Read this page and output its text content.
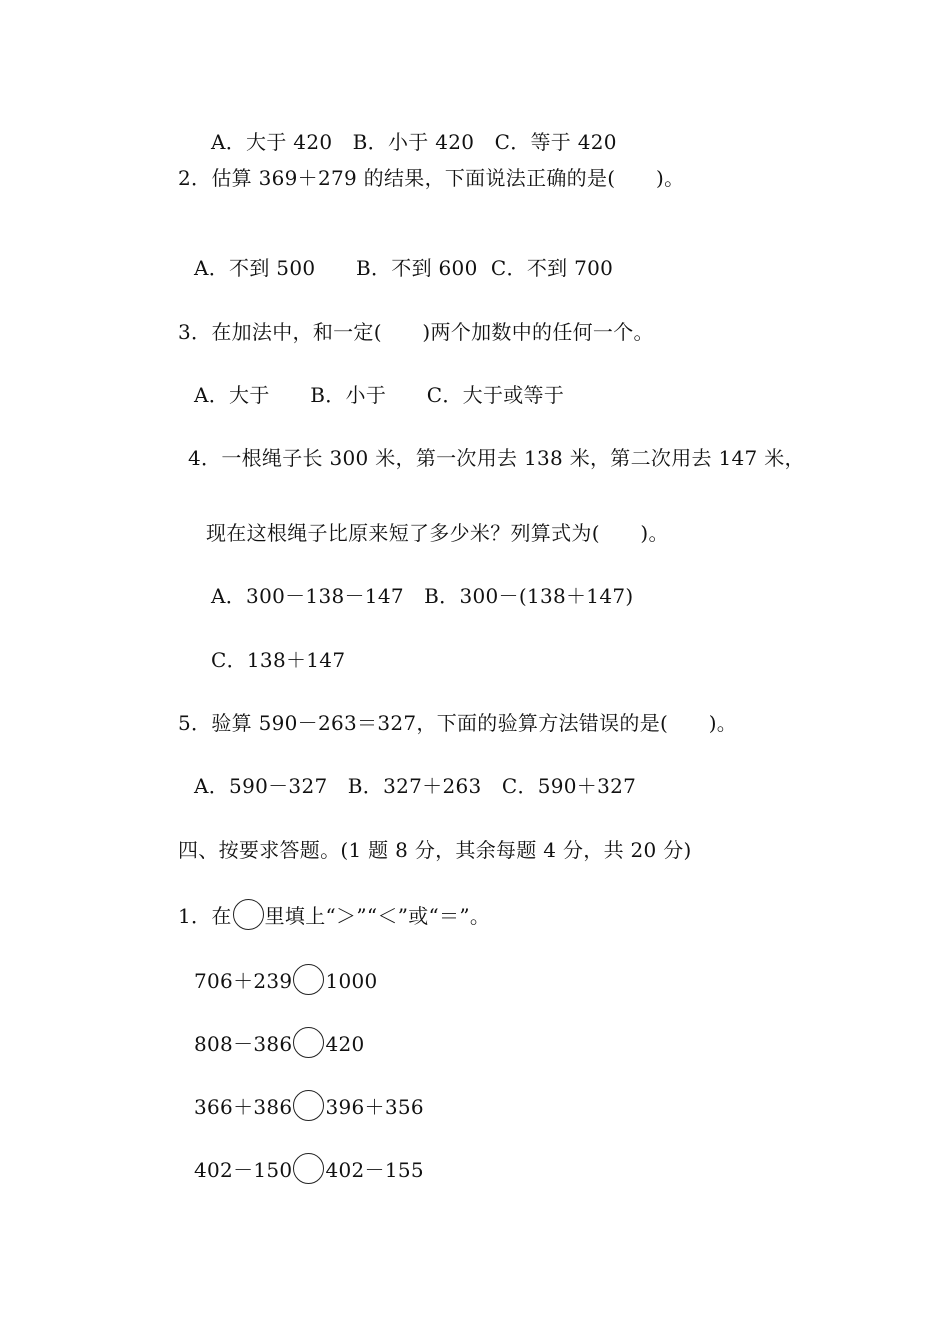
A．大于 420　B．小于 420　C．等于 420
2．估算 369＋279 的结果，下面说法正确的是(　　)。
A．不到 500　　B．不到 600  C．不到 700
3．在加法中，和一定(　　)两个加数中的任何一个。
A．大于　　B．小于　　C．大于或等于
4．一根绳子长 300 米，第一次用去 138 米，第二次用去 147 米，
现在这根绳子比原来短了多少米？列算式为(　　)。
A．300－138－147　B．300－(138＋147)
C．138＋147
5．验算 590－263＝327，下面的验算方法错误的是(　　)。
A．590－327　B．327＋263　C．590＋327
四、按要求答题。(1 题 8 分，其余每题 4 分，共 20 分)
1．在 里填上“＞”“＜”或“＝”。
706＋239 1000
808－386 420
366＋386 396＋356
402－150 402－155
